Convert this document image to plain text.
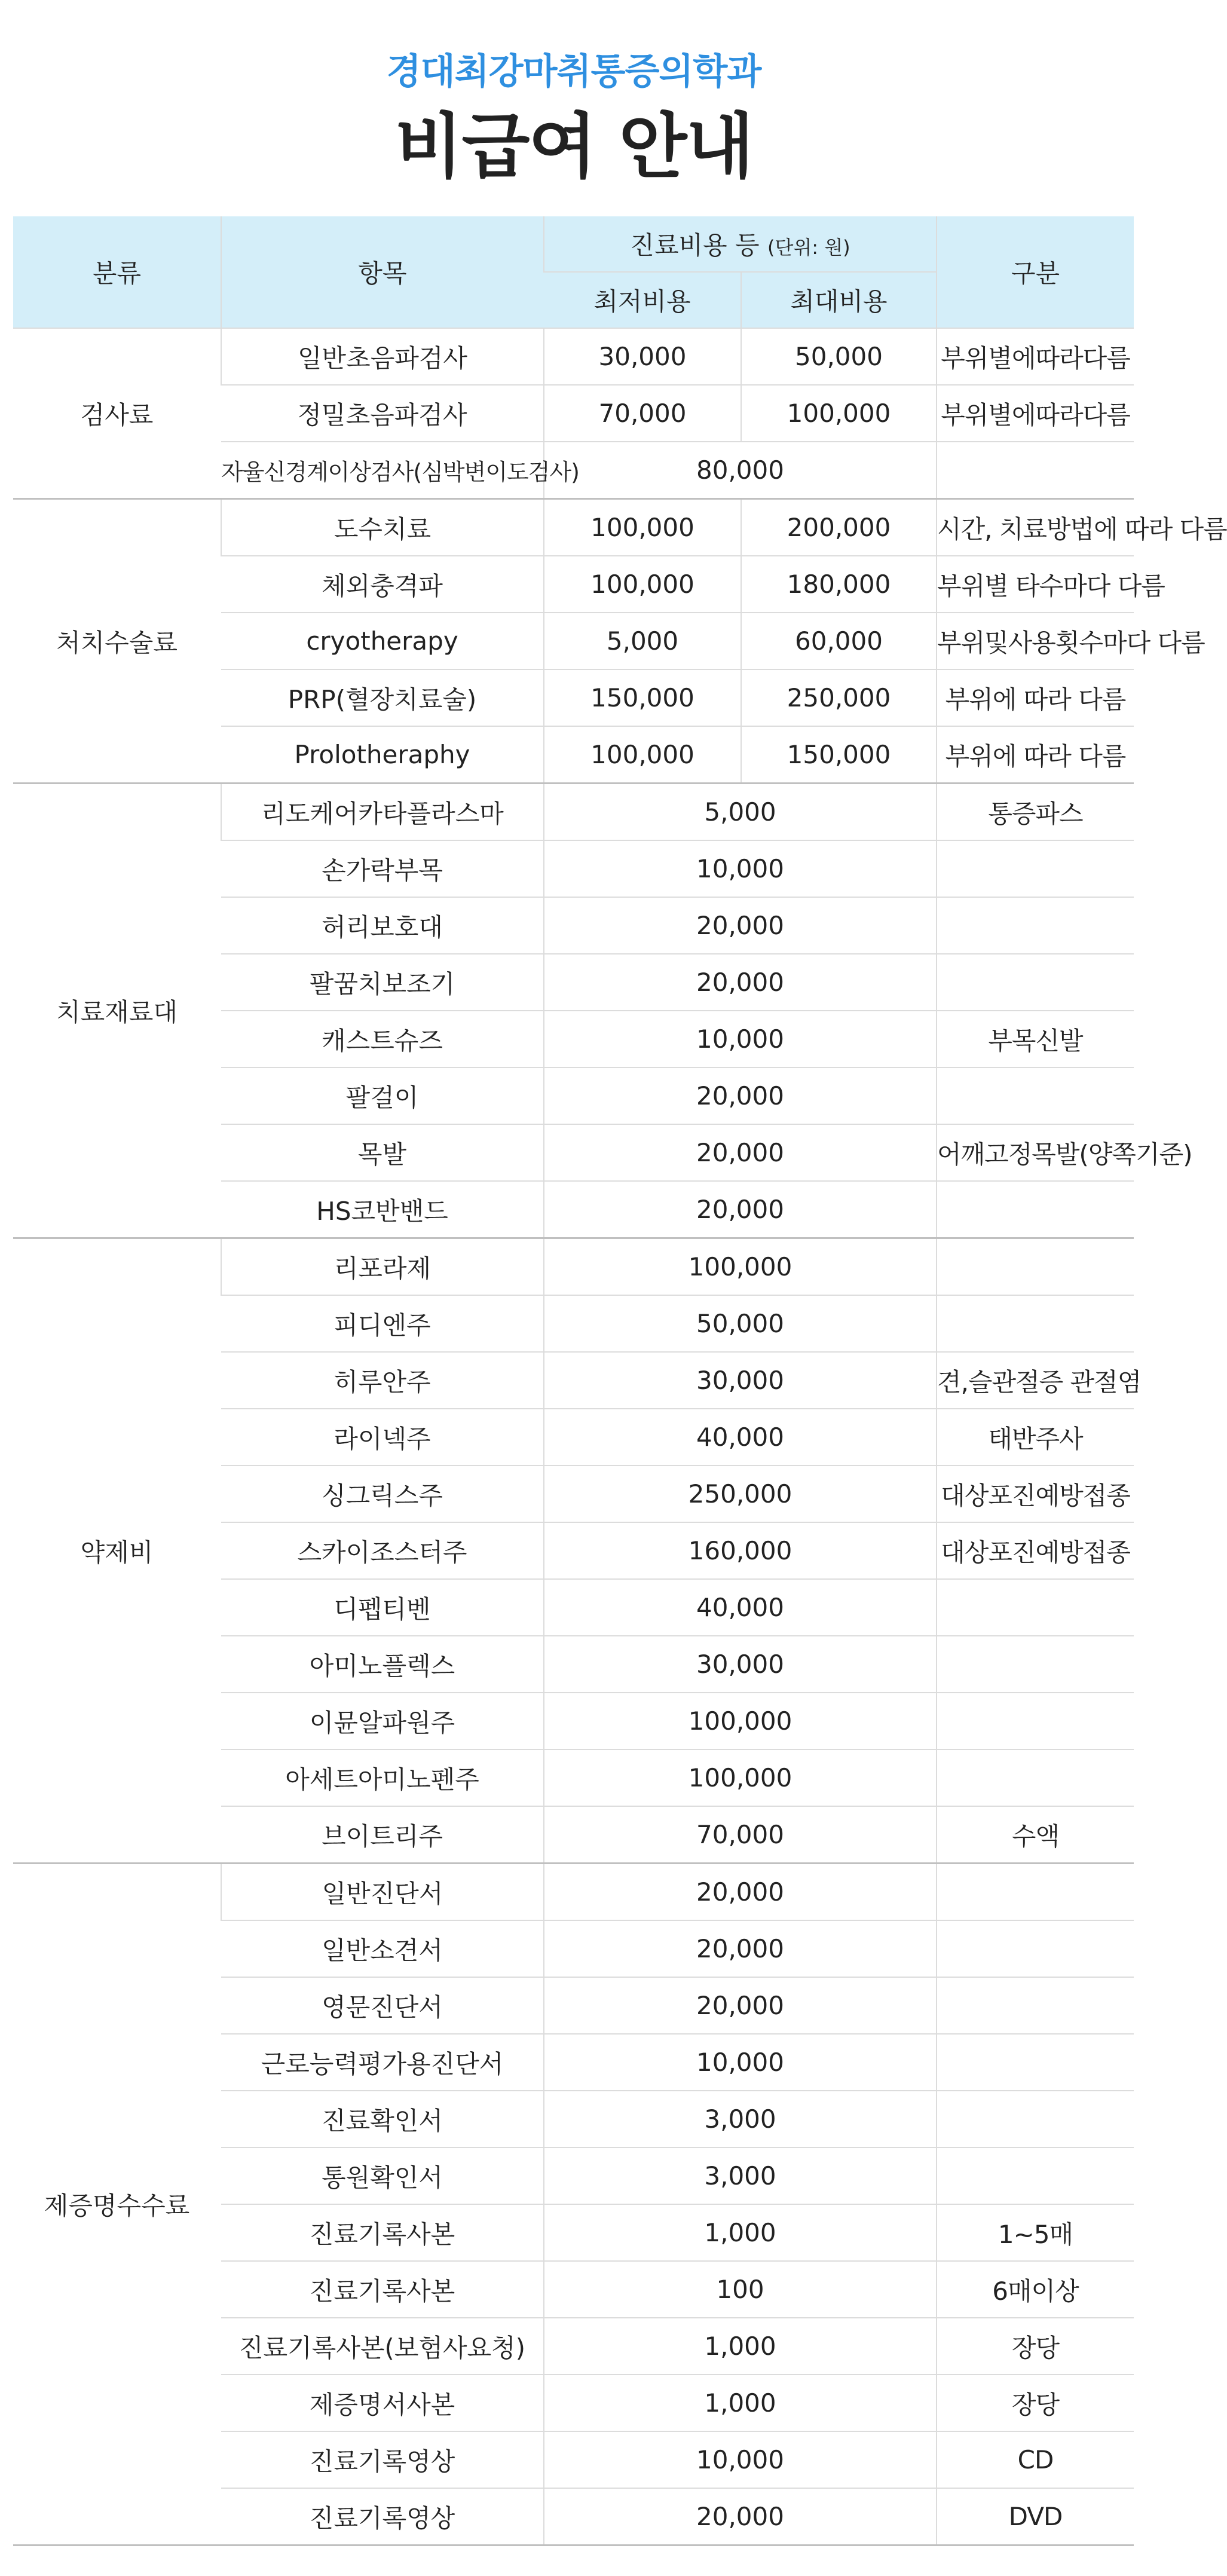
경대최강마취통증의학과
비급여 안내
분류	항목	진료비용 등 (단위: 원)		구분
		최저비용	최대비용	
검사료	일반초음파검사	30,000	50,000	부위별에따라다름
	정밀초음파검사	70,000	100,000	부위별에따라다름
	자율신경계이상검사(심박변이도검사)	80,000		
처치수술료	도수치료	100,000	200,000	시간, 치료방법에 따라 다름
	체외충격파	100,000	180,000	부위별 타수마다 다름
	cryotherapy	5,000	60,000	부위및사용횟수마다 다름
	PRP(혈장치료술)	150,000	250,000	부위에 따라 다름
	Prolotheraphy	100,000	150,000	부위에 따라 다름
치료재료대	리도케어카타플라스마	5,000		통증파스
	손가락부목	10,000		
	허리보호대	20,000		
	팔꿈치보조기	20,000		
	캐스트슈즈	10,000		부목신발
	팔걸이	20,000		
	목발	20,000		어깨고정목발(양쪽기준)
	HS코반밴드	20,000		
약제비	리포라제	100,000		
	피디엔주	50,000		
	히루안주	30,000		견,슬관절증 관절염
	라이넥주	40,000		태반주사
	싱그릭스주	250,000		대상포진예방접종
	스카이조스터주	160,000		대상포진예방접종
	디펩티벤	40,000		
	아미노플렉스	30,000		
	이뮨알파원주	100,000		
	아세트아미노펜주	100,000		
	브이트리주	70,000		수액
제증명수수료	일반진단서	20,000		
	일반소견서	20,000		
	영문진단서	20,000		
	근로능력평가용진단서	10,000		
	진료확인서	3,000		
	통원확인서	3,000		
	진료기록사본	1,000		1~5매
	진료기록사본	100		6매이상
	진료기록사본(보험사요청)	1,000		장당
	제증명서사본	1,000		장당
	진료기록영상	10,000		CD
	진료기록영상	20,000		DVD
